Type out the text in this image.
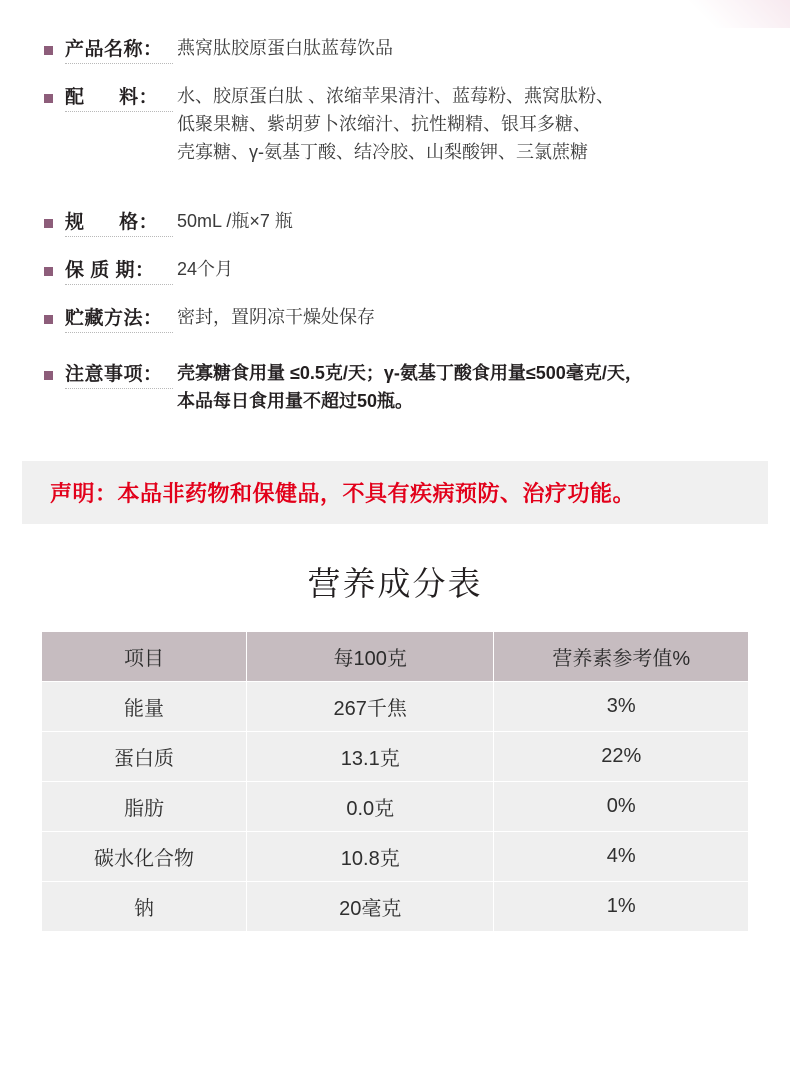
产品名称： 燕窝肽胶原蛋白肽蓝莓饮品
配      料：	水、胶原蛋白肽 、浓缩苹果清汁、蓝莓粉、燕窝肽粉、
低聚果糖、紫胡萝卜浓缩汁、抗性糊精、银耳多糖、
壳寡糖、γ-氨基丁酸、结冷胶、山梨酸钾、三氯蔗糖
规      格：	50mL /瓶×7 瓶
保 质 期：	24个月
贮藏方法： 密封，置阴凉干燥处保存
注意事项： 壳寡糖食用量 ≤0.5克/天；γ-氨基丁酸食用量≤500毫克/天，
本品每日食用量不超过50瓶。
声明：本品非药物和保健品，不具有疾病预防、治疗功能。
营养成分表
项目	每100克	营养素参考值%
能量	267千焦	3%
蛋白质	13.1克	22%
脂肪	0.0克	0%
碳水化合物	10.8克	4%
钠	20毫克	1%
